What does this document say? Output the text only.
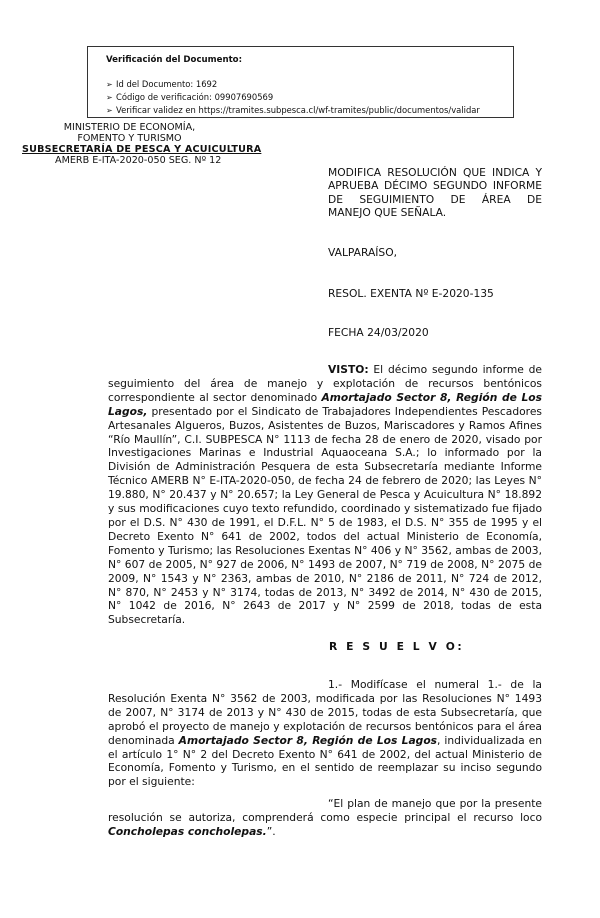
Verificación del Documento:

➢ Id del Documento: 1692
➢ Código de verificación: 09907690569
➢ Verificar validez en https://tramites.subpesca.cl/wf-tramites/public/documentos/validar
MINISTERIO DE ECONOMÍA,
FOMENTO Y TURISMO
SUBSECRETARÍA DE PESCA Y ACUICULTURA
AMERB E-ITA-2020-050 SEG. Nº 12
MODIFICA RESOLUCIÓN QUE INDICA Y
APRUEBA DÉCIMO SEGUNDO INFORME
DE SEGUIMIENTO DE ÁREA DE
MANEJO QUE SEÑALA.
VALPARAÍSO,
RESOL. EXENTA Nº E-2020-135
FECHA 24/03/2020
VISTO: El décimo segundo informe de seguimiento del área de manejo y explotación de recursos bentónicos correspondiente al sector denominado Amortajado Sector 8, Región de Los Lagos, presentado por el Sindicato de Trabajadores Independientes Pescadores Artesanales Algueros, Buzos, Asistentes de Buzos, Mariscadores y Ramos Afines “Río Maullín”, C.I. SUBPESCA N° 1113 de fecha 28 de enero de 2020, visado por Investigaciones Marinas e Industrial Aquaoceana S.A.; lo informado por la División de Administración Pesquera de esta Subsecretaría mediante Informe Técnico AMERB N° E-ITA-2020-050, de fecha 24 de febrero de 2020; las Leyes N° 19.880, N° 20.437 y N° 20.657; la Ley General de Pesca y Acuicultura N° 18.892 y sus modificaciones cuyo texto refundido, coordinado y sistematizado fue fijado por el D.S. N° 430 de 1991, el D.F.L. N° 5 de 1983, el D.S. N° 355 de 1995 y el Decreto Exento N° 641 de 2002, todos del actual Ministerio de Economía, Fomento y Turismo; las Resoluciones Exentas N° 406 y N° 3562, ambas de 2003, N° 607 de 2005, N° 927 de 2006, N° 1493 de 2007, N° 719 de 2008, N° 2075 de 2009, N° 1543 y N° 2363, ambas de 2010, N° 2186 de 2011, N° 724 de 2012, N° 870, N° 2453 y N° 3174, todas de 2013, N° 3492 de 2014, N° 430 de 2015, N° 1042 de 2016, N° 2643 de 2017 y N° 2599 de 2018, todas de esta Subsecretaría.
R E S U E L V O:
1.- Modifícase el numeral 1.- de la Resolución Exenta N° 3562 de 2003, modificada por las Resoluciones N° 1493 de 2007, N° 3174 de 2013 y N° 430 de 2015, todas de esta Subsecretaría, que aprobó el proyecto de manejo y explotación de recursos bentónicos para el área denominada Amortajado Sector 8, Región de Los Lagos, individualizada en el artículo 1° N° 2 del Decreto Exento N° 641 de 2002, del actual Ministerio de Economía, Fomento y Turismo, en el sentido de reemplazar su inciso segundo por el siguiente:
“El plan de manejo que por la presente resolución se autoriza, comprenderá como especie principal el recurso loco Concholepas concholepas.”.
